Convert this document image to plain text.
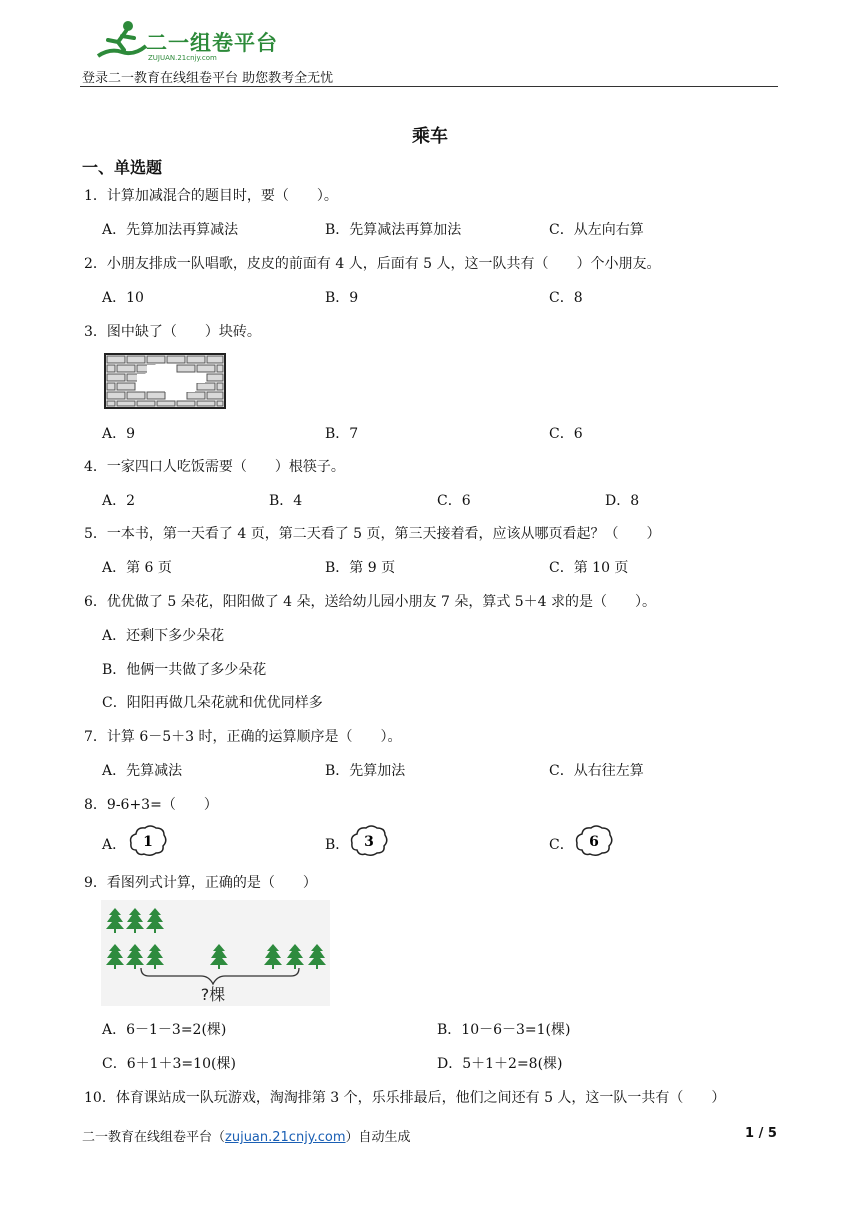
二一组卷平台
ZUJUAN.21cnjy.com
登录二一教育在线组卷平台 助您教考全无忧
乘车
一、单选题
1．计算加减混合的题目时，要（　　）。
A．先算加法再算减法	B．先算减法再算加法	C．从左向右算
2．小朋友排成一队唱歌，皮皮的前面有 4 人，后面有 5 人，这一队共有（　　）个小朋友。
A．10	B．9	C．8
3．图中缺了（　　）块砖。
A．9	B．7	C．6
4．一家四口人吃饭需要（　　）根筷子。
A．2	B．4	C．6	D．8
5．一本书，第一天看了 4 页，第二天看了 5 页，第三天接着看，应该从哪页看起？（　　）
A．第 6 页	B．第 9 页	C．第 10 页
6．优优做了 5 朵花，阳阳做了 4 朵，送给幼儿园小朋友 7 朵，算式 5＋4 求的是（　　）。
A．还剩下多少朵花
B．他俩一共做了多少朵花
C．阳阳再做几朵花就和优优同样多
7．计算 6－5＋3 时，正确的运算顺序是（　　）。
A．先算减法	B．先算加法	C．从右往左算
8．9-6+3=（　　）
A． 1	B． 3	C． 6
9．看图列式计算，正确的是（　　）
?棵
A．6－1－3=2(棵)	B．10－6－3=1(棵)
C．6＋1＋3=10(棵)	D．5＋1＋2=8(棵)
10．体育课站成一队玩游戏，淘淘排第 3 个，乐乐排最后，他们之间还有 5 人，这一队一共有（　　）
二一教育在线组卷平台（zujuan.21cnjy.com）自动生成	1 / 5
